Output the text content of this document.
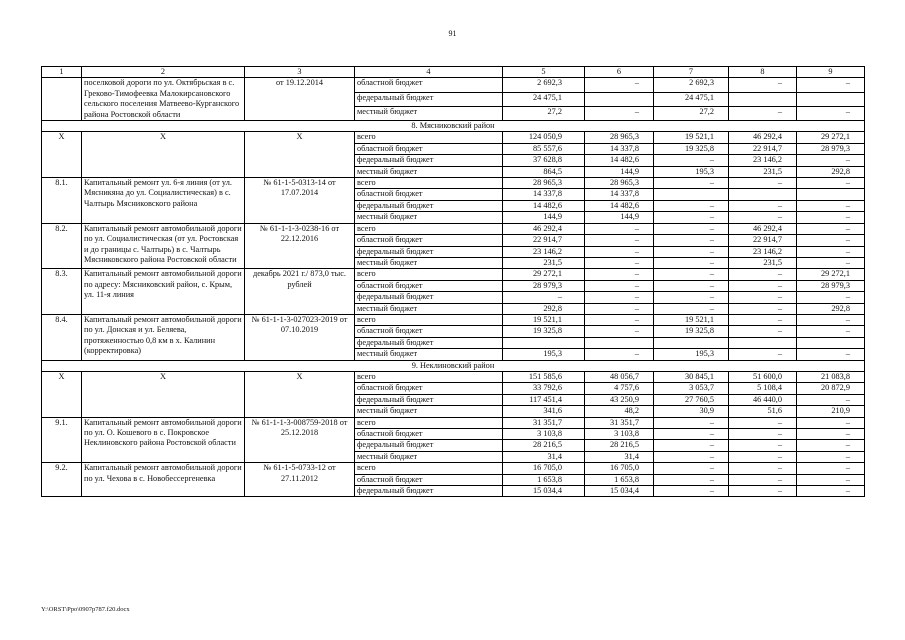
91
1	2	3	4	5	6	7	8	9
	поселковой дороги по ул. Октябрьская в с. Греково-Тимофеевка Малокирсановского сельского поселения Матвеево-Курганского района Ростовской области	от 19.12.2014	областной бюджет	2 692,3	–	2 692,3	–	–
			федеральный бюджет	24 475,1		24 475,1		
			местный бюджет	27,2	–	27,2	–	–
8. Мясниковский район								
Х	Х	Х	всего	124 050,9	28 965,3	19 521,1	46 292,4	29 272,1
			областной бюджет	85 557,6	14 337,8	19 325,8	22 914,7	28 979,3
			федеральный бюджет	37 628,8	14 482,6	–	23 146,2	–
			местный бюджет	864,5	144,9	195,3	231,5	292,8
8.1.	Капитальный ремонт ул. 6-я линия (от ул. Мясникяна до ул. Социалистическая) в с. Чалтырь Мясниковского района	№ 61-1-5-0313-14 от 17.07.2014	всего	28 965,3	28 965,3	–	–	–
			областной бюджет	14 337,8	14 337,8			
			федеральный бюджет	14 482,6	14 482,6	–	–	–
			местный бюджет	144,9	144,9	–	–	–
8.2.	Капитальный ремонт автомобильной дороги по ул. Социалистическая (от ул. Ростовская и до границы с. Чалтырь) в с. Чалтырь Мясниковского района Ростовской области	№ 61-1-1-3-0238-16 от 22.12.2016	всего	46 292,4	–	–	46 292,4	–
			областной бюджет	22 914,7	–	–	22 914,7	–
			федеральный бюджет	23 146,2	–	–	23 146,2	–
			местный бюджет	231,5	–	–	231,5	–
8.3.	Капитальный ремонт автомобильной дороги по адресу: Мясниковский район, с. Крым, ул. 11-я линия	декабрь 2021 г./ 873,0 тыс. рублей	всего	29 272,1	–	–	–	29 272,1
			областной бюджет	28 979,3	–	–	–	28 979,3
			федеральный бюджет	–	–	–	–	–
			местный бюджет	292,8	–	–	–	292,8
8.4.	Капитальный ремонт автомобильной дороги по ул. Донская и ул. Беляева, протяженностью 0,8 км в х. Калинин (корректировка)	№ 61-1-1-3-027023-2019 от 07.10.2019	всего	19 521,1	–	19 521,1	–	–
			областной бюджет	19 325,8	–	19 325,8	–	–
			федеральный бюджет					
			местный бюджет	195,3	–	195,3	–	–
9. Неклиновский район								
Х	Х	Х	всего	151 585,6	48 056,7	30 845,1	51 600,0	21 083,8
			областной бюджет	33 792,6	4 757,6	3 053,7	5 108,4	20 872,9
			федеральный бюджет	117 451,4	43 250,9	27 760,5	46 440,0	–
			местный бюджет	341,6	48,2	30,9	51,6	210,9
9.1.	Капитальный ремонт автомобильной дороги по ул. О. Кошевого в с. Покровское Неклиновского района Ростовской области	№ 61-1-1-3-008759-2018 от 25.12.2018	всего	31 351,7	31 351,7	–	–	–
			областной бюджет	3 103,8	3 103,8	–	–	–
			федеральный бюджет	28 216,5	28 216,5	–	–	–
			местный бюджет	31,4	31,4	–	–	–
9.2.	Капитальный ремонт автомобильной дороги по ул. Чехова в с. Новобессергеневка	№ 61-1-5-0733-12 от 27.11.2012	всего	16 705,0	16 705,0	–	–	–
			областной бюджет	1 653,8	1 653,8	–	–	–
			федеральный бюджет	15 034,4	15 034,4	–	–	–
Y:\ORST\Ppo\0907p787.f20.docx
